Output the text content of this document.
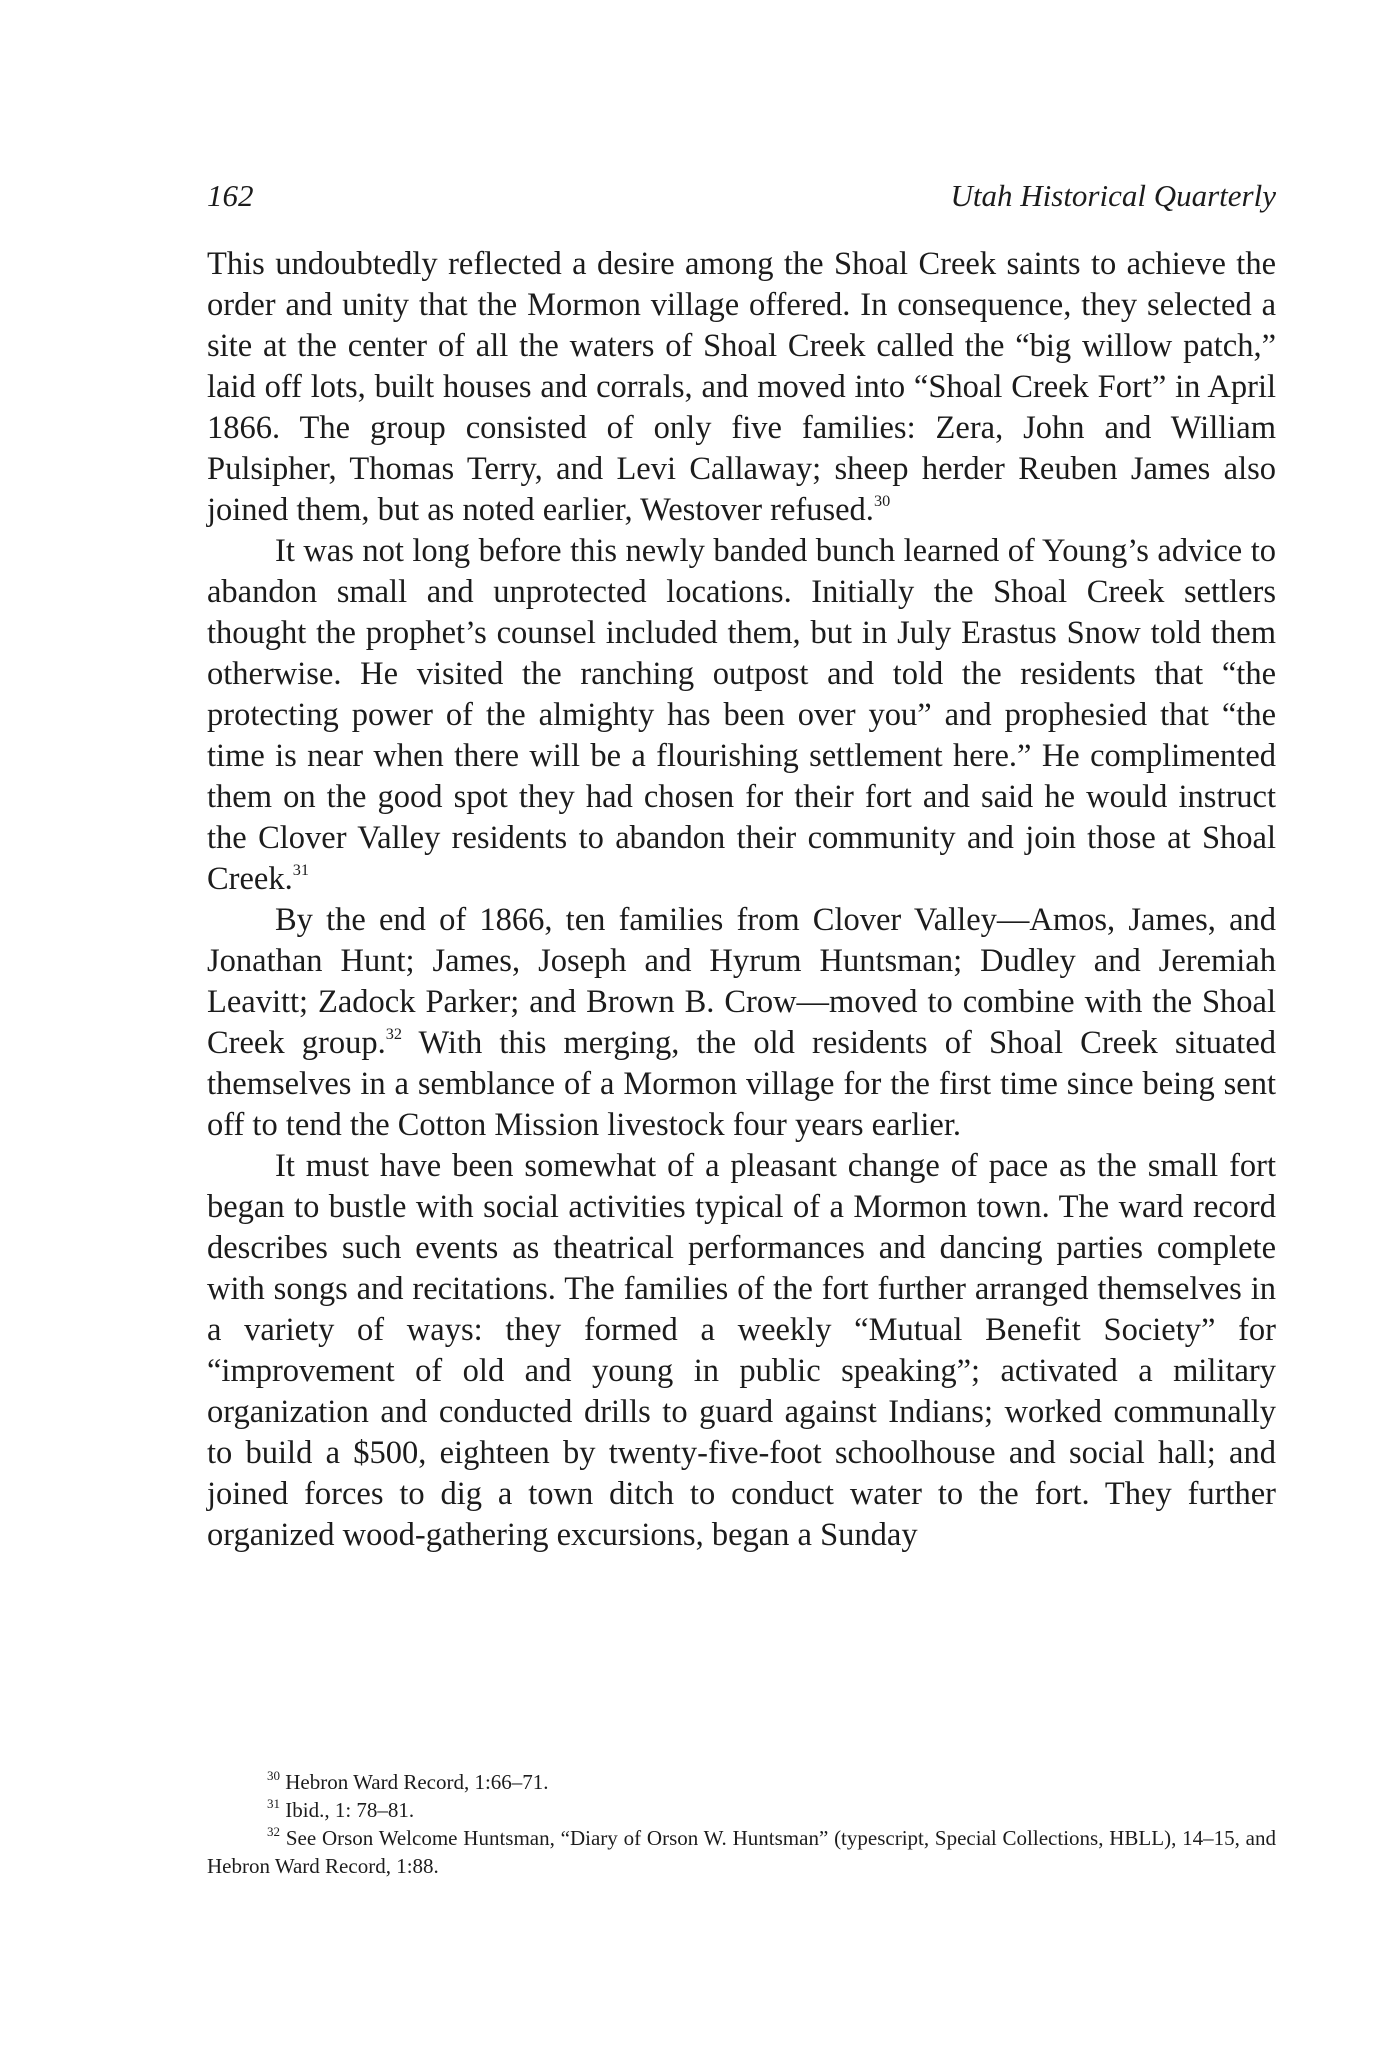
162	Utah Historical Quarterly

This undoubtedly reflected a desire among the Shoal Creek saints to achieve the order and unity that the Mormon village offered. In consequence, they selected a site at the center of all the waters of Shoal Creek called the “big willow patch,” laid off lots, built houses and corrals, and moved into “Shoal Creek Fort” in April 1866. The group consisted of only five families: Zera, John and William Pulsipher, Thomas Terry, and Levi Callaway; sheep herder Reuben James also joined them, but as noted earlier, Westover refused.$^{30}$

It was not long before this newly banded bunch learned of Young’s advice to abandon small and unprotected locations. Initially the Shoal Creek settlers thought the prophet’s counsel included them, but in July Erastus Snow told them otherwise. He visited the ranching outpost and told the residents that “the protecting power of the almighty has been over you” and prophesied that “the time is near when there will be a flourishing settlement here.” He complimented them on the good spot they had chosen for their fort and said he would instruct the Clover Valley residents to abandon their community and join those at Shoal Creek.$^{31}$

By the end of 1866, ten families from Clover Valley—Amos, James, and Jonathan Hunt; James, Joseph and Hyrum Huntsman; Dudley and Jeremiah Leavitt; Zadock Parker; and Brown B. Crow—moved to combine with the Shoal Creek group.$^{32}$ With this merging, the old residents of Shoal Creek situated themselves in a semblance of a Mormon village for the first time since being sent off to tend the Cotton Mission livestock four years earlier.

It must have been somewhat of a pleasant change of pace as the small fort began to bustle with social activities typical of a Mormon town. The ward record describes such events as theatrical performances and dancing parties complete with songs and recitations. The families of the fort further arranged themselves in a variety of ways: they formed a weekly “Mutual Benefit Society” for “improvement of old and young in public speaking”; activated a military organization and conducted drills to guard against Indians; worked communally to build a $500, eighteen by twenty-five-foot schoolhouse and social hall; and joined forces to dig a town ditch to conduct water to the fort. They further organized wood-gathering excursions, began a Sunday

$^{30}$ Hebron Ward Record, 1:66–71.

$^{31}$ Ibid., 1: 78–81.

$^{32}$ See Orson Welcome Huntsman, “Diary of Orson W. Huntsman” (typescript, Special Collections, HBLL), 14–15, and Hebron Ward Record, 1:88.
